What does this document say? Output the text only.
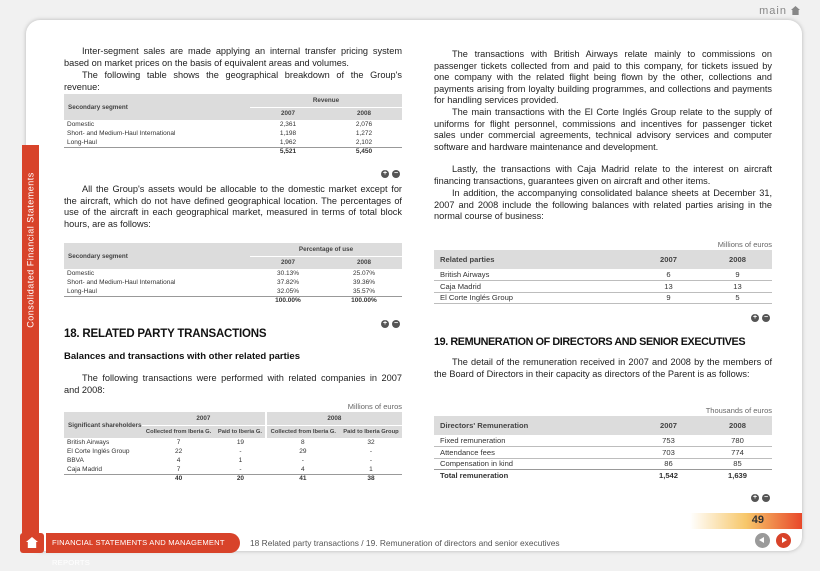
main

Inter-segment sales are made applying an internal transfer pricing system based on market prices on the basis of equivalent areas and volumes.

The following table shows the geographical breakdown of the Group's revenue:

Secondary segment	Revenue	
	2007	2008
Domestic	2,361	2,076
Short- and Medium-Haul International	1,198	1,272
Long-Haul	1,962	2,102
	5,521	5,450
+ −

All the Group's assets would be allocable to the domestic market except for the aircraft, which do not have defined geographical location. The percentages of use of the aircraft in each geographical market, measured in terms of total block hours, are as follows:

Secondary segment	Percentage of use	
	2007	2008
Domestic	30.13%	25.07%
Short- and Medium-Haul International	37.82%	39.36%
Long-Haul	32.05%	35.57%
	100.00%	100.00%
+ −
18. RELATED PARTY TRANSACTIONS
Balances and transactions with other related parties

The following transactions were performed with related companies in 2007 and 2008:

Millions of euros
Significant shareholders	2007		2008	
	Collected from Iberia G.	Paid to Iberia G.	Collected from Iberia G.	Paid to Iberia Group
British Airways	7	19	8	32
El Corte Inglés Group	22	-	29	-
BBVA	4	1	-	-
Caja Madrid	7	-	4	1
	40	20	41	38

The transactions with British Airways relate mainly to commissions on passenger tickets collected from and paid to this company, for tickets issued by one company with the related flight being flown by the other, collections and payments arising from loyalty building programmes, and collections and payments for handling services provided.

The main transactions with the El Corte Inglés Group relate to the supply of uniforms for flight personnel, commissions and incentives for passenger ticket sales under commercial agreements, technical advisory services and computer software and hardware maintenance and development.

Lastly, the transactions with Caja Madrid relate to the interest on aircraft financing transactions, guarantees given on aircraft and other items.

In addition, the accompanying consolidated balance sheets at December 31, 2007 and 2008 include the following balances with related parties arising in the normal course of business:

Millions of euros
Related parties	2007	2008
British Airways	6	9
Caja Madrid	13	13
El Corte Inglés Group	9	5
+ −
19. REMUNERATION OF DIRECTORS AND SENIOR EXECUTIVES

The detail of the remuneration received in 2007 and 2008 by the members of the Board of Directors in their capacity as directors of the Parent is as follows:

Thousands of euros
Directors' Remuneration	2007	2008
Fixed remuneration	753	780
Attendance fees	703	774
Compensation in kind	86	85
Total remuneration	1,542	1,639
+ −
Consolidated Financial Statements
49
FINANCIAL STATEMENTS AND MANAGEMENT REPORTS
18 Related party transactions / 19. Remuneration of directors and senior executives
